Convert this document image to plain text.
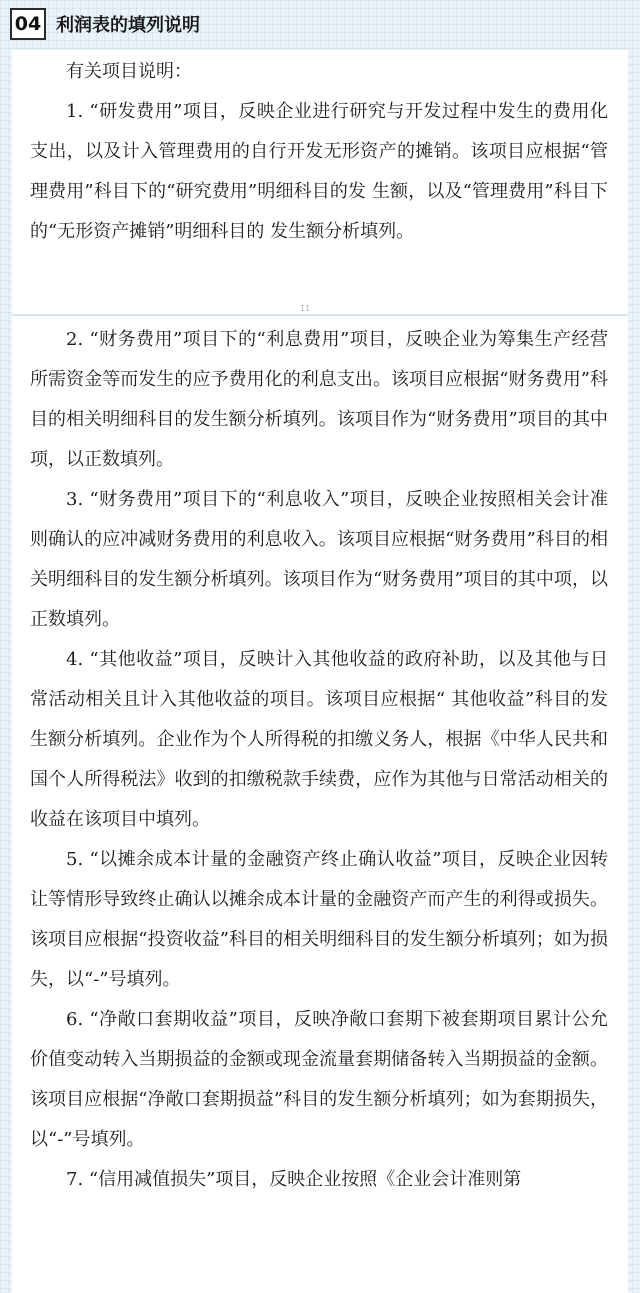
04 利润表的填列说明

有关项目说明：

1. “研发费用”项目，反映企业进行研究与开发过程中发生的费用化支出，以及计入管理费用的自行开发无形资产的摊销。该项目应根据“管理费用”科目下的“研究费用”明细科目的发 生额，以及“管理费用”科目下的“无形资产摊销”明细科目的 发生额分析填列。

11

2. “财务费用”项目下的“利息费用”项目，反映企业为筹集生产经营所需资金等而发生的应予费用化的利息支出。该项目应根据“财务费用”科目的相关明细科目的发生额分析填列。该项目作为“财务费用”项目的其中项，以正数填列。

3. “财务费用”项目下的“利息收入”项目，反映企业按照相关会计准则确认的应冲减财务费用的利息收入。该项目应根据“财务费用”科目的相关明细科目的发生额分析填列。该项目作为“财务费用”项目的其中项，以正数填列。

4. “其他收益”项目，反映计入其他收益的政府补助，以及其他与日常活动相关且计入其他收益的项目。该项目应根据“ 其他收益”科目的发生额分析填列。企业作为个人所得税的扣缴义务人，根据《中华人民共和国个人所得税法》收到的扣缴税款手续费，应作为其他与日常活动相关的收益在该项目中填列。

5. “以摊余成本计量的金融资产终止确认收益”项目，反映企业因转让等情形导致终止确认以摊余成本计量的金融资产而产生的利得或损失。该项目应根据“投资收益”科目的相关明细科目的发生额分析填列；如为损失，以“-”号填列。

6. “净敞口套期收益”项目，反映净敞口套期下被套期项目累计公允价值变动转入当期损益的金额或现金流量套期储备转入当期损益的金额。该项目应根据“净敞口套期损益”科目的发生额分析填列；如为套期损失，以“-”号填列。

7. “信用减值损失”项目，反映企业按照《企业会计准则第
